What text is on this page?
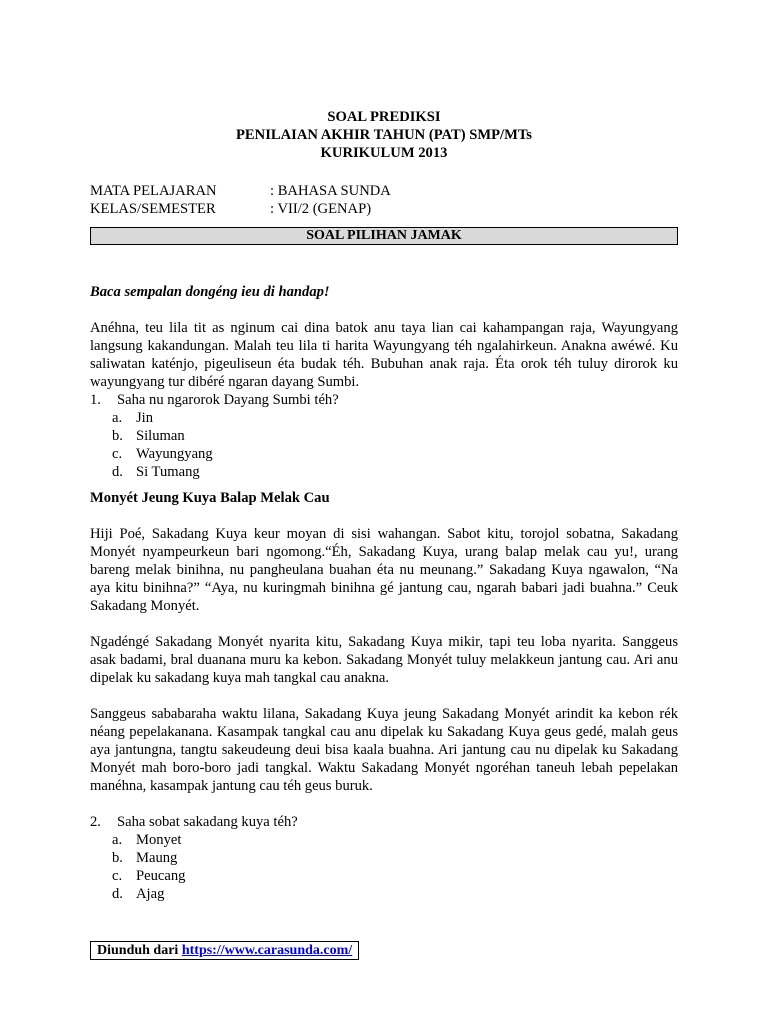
SOAL PREDIKSI

PENILAIAN AKHIR TAHUN (PAT) SMP/MTs

KURIKULUM 2013

MATA PELAJARAN	: BAHASA SUNDA
KELAS/SEMESTER	: VII/2 (GENAP)
SOAL PILIHAN JAMAK

Baca sempalan dongéng ieu di handap!

Anéhna, teu lila tit as nginum cai dina batok anu taya lian cai kahampangan raja, Wayungyang langsung kakandungan. Malah teu lila ti harita Wayungyang téh ngalahirkeun. Anakna awéwé. Ku saliwatan katénjo, pigeuliseun éta budak téh. Bubuhan anak raja. Éta orok téh tuluy dirorok ku wayungyang tur dibéré ngaran dayang Sumbi.

1.	Saha nu ngarorok Dayang Sumbi téh?
a. Jin
b. Siluman
c. Wayungyang
d. Si Tumang

Monyét Jeung Kuya Balap Melak Cau

Hiji Poé, Sakadang Kuya keur moyan di sisi wahangan. Sabot kitu, torojol sobatna, Sakadang Monyét nyampeurkeun bari ngomong.“Éh, Sakadang Kuya, urang balap melak cau yu!, urang bareng melak binihna, nu pangheulana buahan éta nu meunang.” Sakadang Kuya ngawalon, “Na aya kitu binihna?” “Aya, nu kuringmah binihna gé jantung cau, ngarah babari jadi buahna.” Ceuk Sakadang Monyét.

Ngadéngé Sakadang Monyét nyarita kitu, Sakadang Kuya mikir, tapi teu loba nyarita. Sanggeus asak badami, bral duanana muru ka kebon. Sakadang Monyét tuluy melakkeun jantung cau. Ari anu dipelak ku sakadang kuya mah tangkal cau anakna.

Sanggeus sababaraha waktu lilana, Sakadang Kuya jeung Sakadang Monyét arindit ka kebon rék néang pepelakanana. Kasampak tangkal cau anu dipelak ku Sakadang Kuya geus gedé, malah geus aya jantungna, tangtu sakeudeung deui bisa kaala buahna. Ari jantung cau nu dipelak ku Sakadang Monyét mah boro-boro jadi tangkal. Waktu Sakadang Monyét ngoréhan taneuh lebah pepelakan manéhna, kasampak jantung cau téh geus buruk.

2.	Saha sobat sakadang kuya téh?
a. Monyet
b. Maung
c. Peucang
d. Ajag
Diunduh dari https://www.carasunda.com/
